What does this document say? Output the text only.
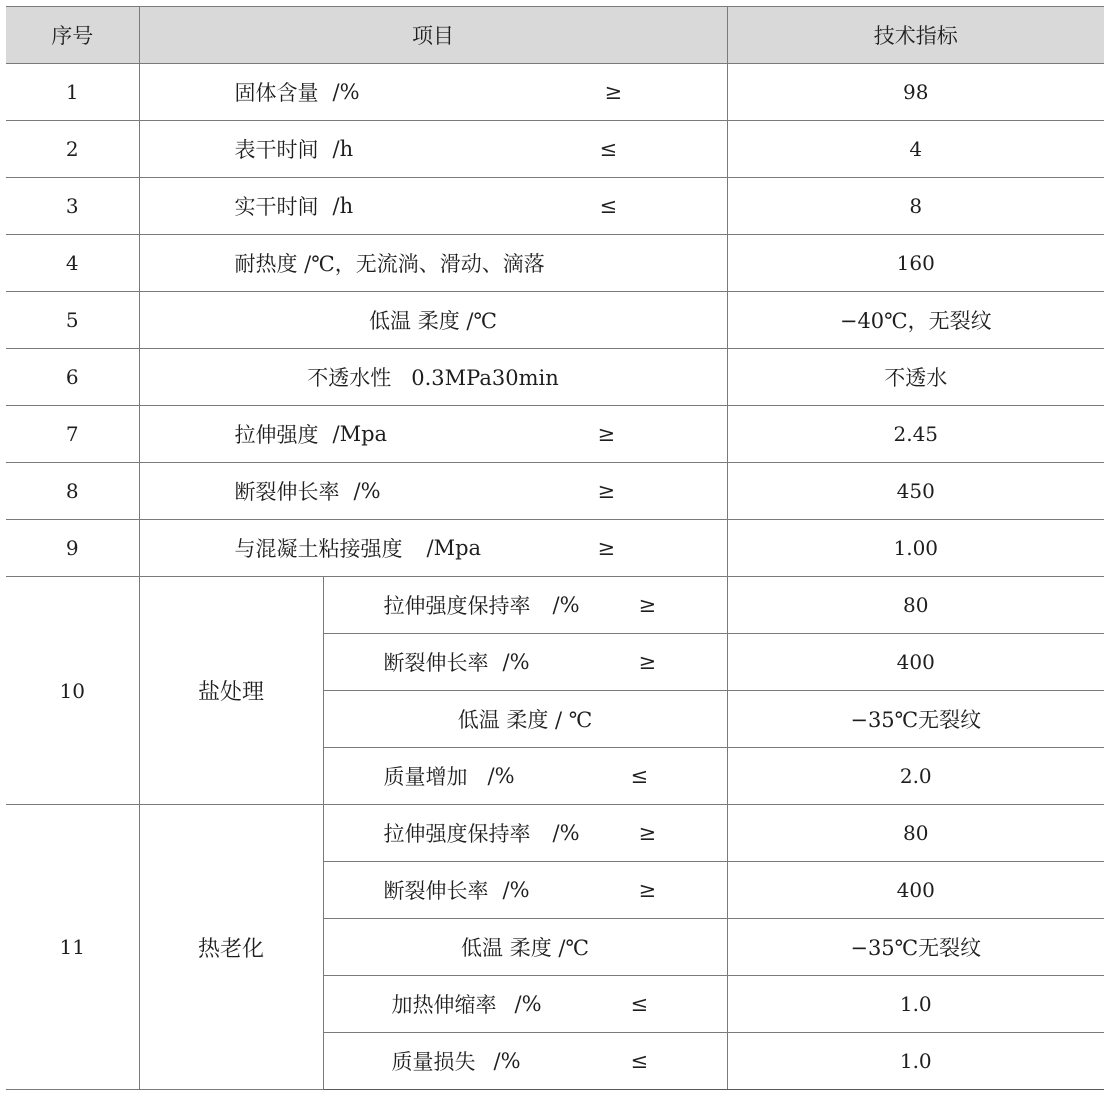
序号	项目		技术指标
1	固体含量 /% ≥		98
2	表干时间 /h ≤		4
3	实干时间 /h ≤		8
4	耐热度 /℃，无流淌、滑动、滴落		160
5	低温 柔度 /℃		−40℃，无裂纹
6	不透水性   0.3MPa30min		不透水
7	拉伸强度 /Mpa ≥		2.45
8	断裂伸长率 /% ≥		450
9	与混凝土粘接强度 /Mpa ≥		1.00
10	盐处理	拉伸强度保持率 /% ≥	80

		断裂伸长率 /% ≥	400
		低温 柔度 / ℃	−35℃无裂纹

		质量增加 /% ≤	2.0
11	热老化	拉伸强度保持率 /% ≥	80

		断裂伸长率 /% ≥	400
		低温 柔度 /℃	−35℃无裂纹

		加热伸缩率 /% ≤	1.0

		质量损失 /% ≤	1.0
